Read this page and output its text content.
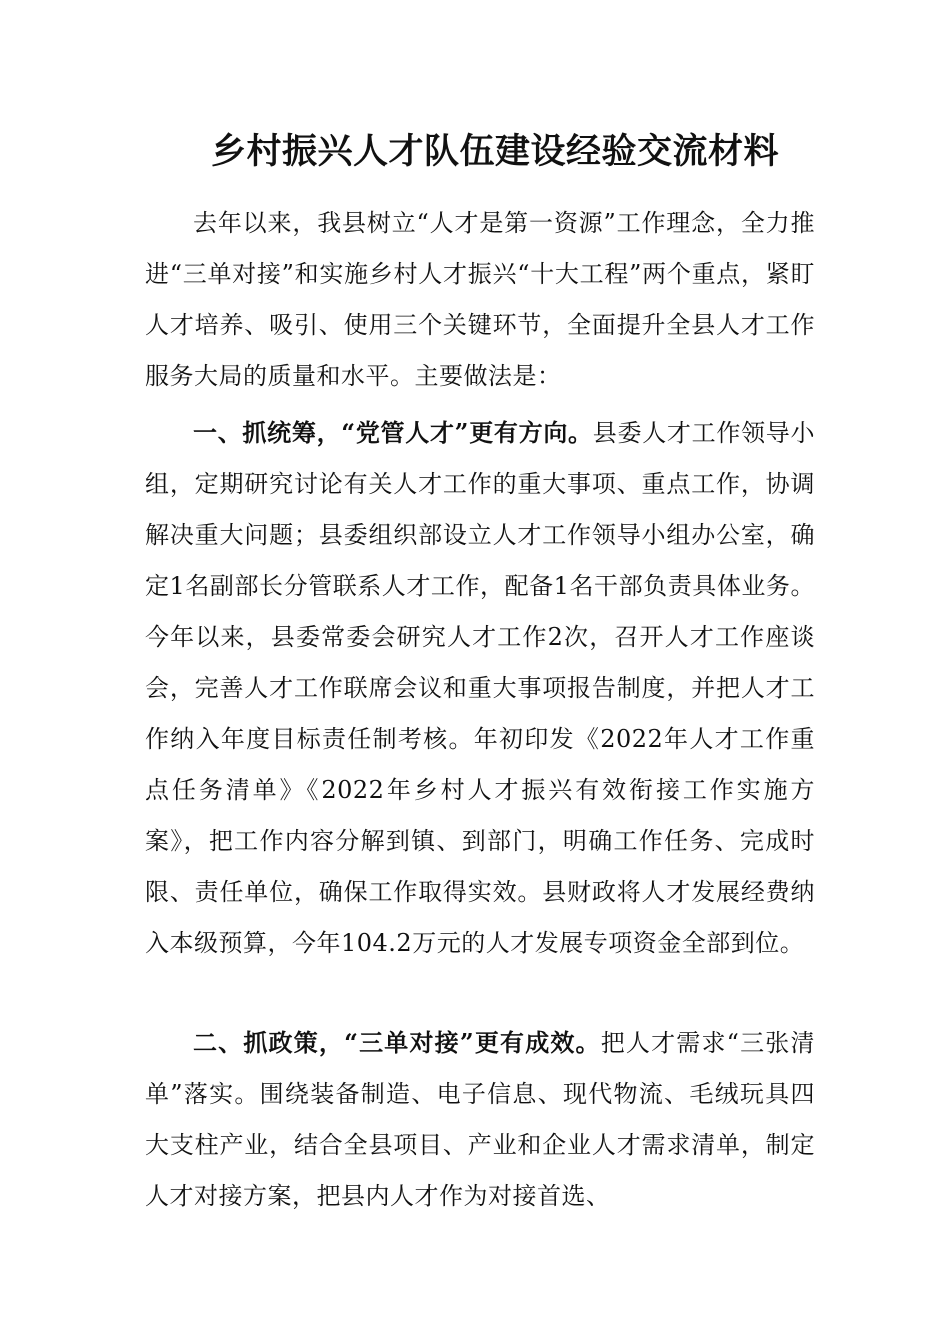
乡村振兴人才队伍建设经验交流材料

去年以来，我县树立“人才是第一资源”工作理念，全力推进“三单对接”和实施乡村人才振兴“十大工程”两个重点，紧盯人才培养、吸引、使用三个关键环节，全面提升全县人才工作服务大局的质量和水平。主要做法是：

一、抓统筹，“党管人才”更有方向。县委人才工作领导小组，定期研究讨论有关人才工作的重大事项、重点工作，协调解决重大问题；县委组织部设立人才工作领导小组办公室，确定1名副部长分管联系人才工作，配备1名干部负责具体业务。今年以来，县委常委会研究人才工作2次，召开人才工作座谈会，完善人才工作联席会议和重大事项报告制度，并把人才工作纳入年度目标责任制考核。年初印发《2022年人才工作重点任务清单》《2022年乡村人才振兴有效衔接工作实施方案》，把工作内容分解到镇、到部门，明确工作任务、完成时限、责任单位，确保工作取得实效。县财政将人才发展经费纳入本级预算，今年104.2万元的人才发展专项资金全部到位。

二、抓政策，“三单对接”更有成效。把人才需求“三张清单”落实。围绕装备制造、电子信息、现代物流、毛绒玩具四大支柱产业，结合全县项目、产业和企业人才需求清单，制定人才对接方案，把县内人才作为对接首选、
